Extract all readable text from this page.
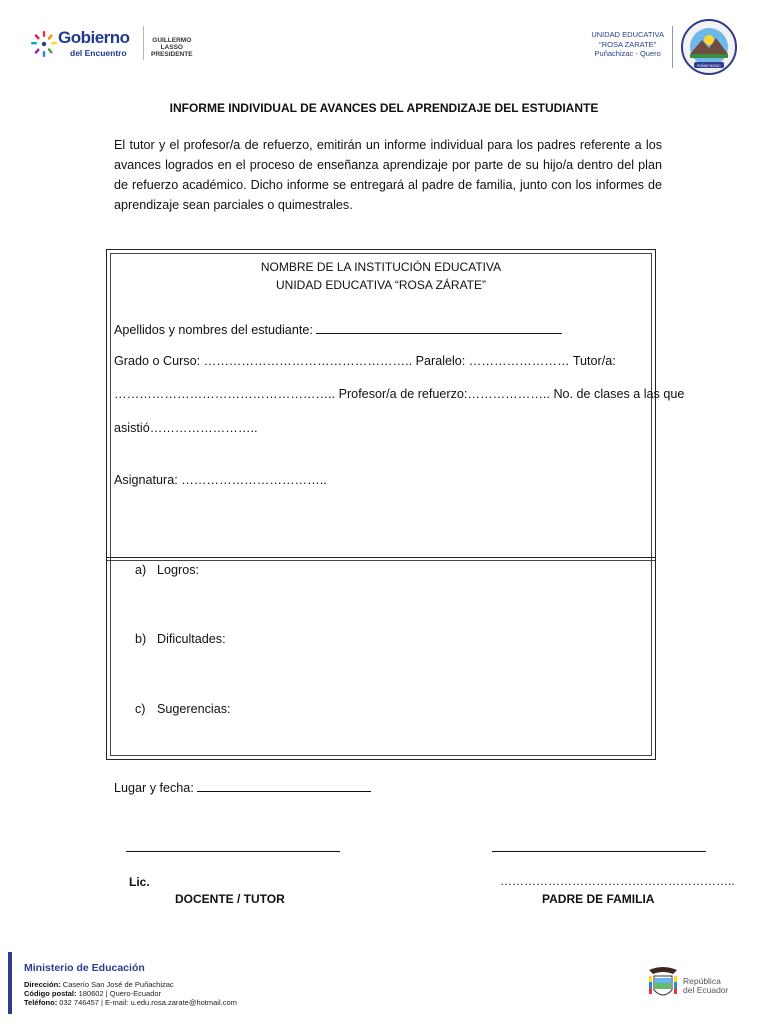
Gobierno
del Encuentro
GUILLERMO LASSO
PRESIDENTE
UNIDAD EDUCATIVA
"ROSA ZARATE"
Puñachizac - Quero
PUÑACHIZAC
INFORME INDIVIDUAL DE AVANCES DEL APRENDIZAJE DEL ESTUDIANTE
El tutor y el profesor/a de refuerzo, emitirán un informe individual para los padres referente a los avances logrados en el proceso de enseñanza aprendizaje por parte de su hijo/a dentro del plan de refuerzo académico. Dicho informe se entregará al padre de familia, junto con los informes de aprendizaje sean parciales o quimestrales.
NOMBRE DE LA INSTITUCIÓN EDUCATIVA
UNIDAD EDUCATIVA “ROSA ZÁRATE”
Apellidos y nombres del estudiante:
Grado o Curso: ………………………………………….. Paralelo: …………………… Tutor/a:
…………………………………………….. Profesor/a de refuerzo:……………….. No. de clases a las que
asistió……………………..
Asignatura: ……………………………..
a) Logros:
b) Dificultades:
c) Sugerencias:
Lugar y fecha:
Lic.
DOCENTE / TUTOR
…………………………………………………..
PADRE DE FAMILIA
Ministerio de Educación
Dirección: Caserío San José de Puñachizac
Código postal: 180602 | Quero-Ecuador
Teléfono: 032 746457 | E-mail: u.edu.rosa.zarate@hotmail.com
República
del Ecuador
